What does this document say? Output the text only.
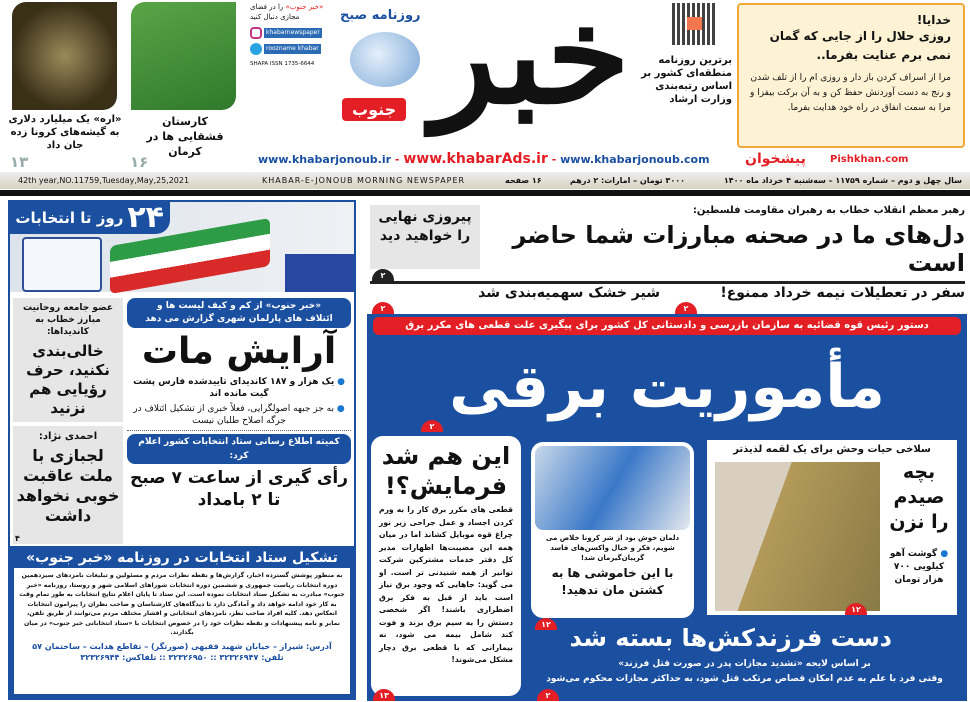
«اره» یک میلیارد دلاری به گیشه‌های کرونا زده جان داد
۱۳
کارستان قشقایی ها در کرمان
۱۶
«خبر جنوب» را در فضای مجازی دنبال کنید
khabarnewspaper
roozname khabar
SHAPA ISSN 1735-6644 خبر
روزنامه صبح
جنوب
برترین روزنامه منطقه‌ای کشور بر اساس رتبه‌بندی وزارت ارشاد
خدایا!
روزی حلال را از جایی که گمان نمی برم عنایت بفرما..
مرا از اسراف کردن باز دار و روزی ام را از تلف شدن و رنج به دست آوردنش حفظ کن و به آن برکت بیفزا و مرا به سمت انفاق در راه خود هدایت بفرما.
www.khabarjonoub.ir - www.khabarAds.ir - www.khabarjonoub.com	پیشخوان Pishkhan.com
42th year,NO.11759,Tuesday,May,25,2021	KHABAR-E-JONOUB MORNING NEWSPAPER	۱۶ صفحه	۳۰۰۰ تومان – امارات: ۲ درهم	سال چهل و دوم – شماره ۱۱۷۵۹ – سه‌شنبه ۴ خرداد ماه ۱۴۰۰
۲۴
روز تا انتخابات
عضو جامعه روحانیت مبارز خطاب به کاندیداها:
خالی‌بندی نکنید، حرف رؤیایی هم نزنید
احمدی نژاد:
لجبازی با ملت عاقبت خوبی نخواهد داشت
۴
«خبر جنوب» از کم و کیف لیست ها و ائتلاف های پارلمان شهری گزارش می دهد
آرایش مات
● یک هزار و ۱۸۷ کاندیدای تاییدشده فارس پشت گیت مانده اند
● به جز جبهه اصولگرایی، فعلاً خبری از تشکیل ائتلاف در جرگه اصلاح طلبان نیست
کمیته اطلاع رسانی ستاد انتخابات کشور اعلام کرد:
رأی گیری از ساعت ۷ صبح تا ۲ بامداد
تشکیل ستاد انتخابات در روزنامه «خبر جنوب»
به منظور پوشش گسترده اخبار، گزارش‌ها و نقطه نظرات مردم و مسئولین و تبلیغات نامزدهای سیزدهمین دوره انتخابات ریاست جمهوری و ششمین دوره انتخابات شوراهای اسلامی شهر و روستا، روزنامه «خبر جنوب» مبادرت به تشکیل ستاد انتخابات نموده است. این ستاد تا پایان اعلام نتایج انتخابات به طور تمام وقت به کار خود ادامه خواهد داد و آمادگی دارد تا دیدگاه‌های کارشناسان و صاحب نظران را پیرامون انتخابات انعکاس دهد. کلیه افراد صاحب نظر، نامزدهای انتخاباتی و اقشار مختلف مردم می‌توانند از طریق تلفن، نمابر و نامه پیشنهادات و نقطه نظرات خود را در خصوص انتخابات با «ستاد انتخاباتی خبر جنوب» در میان بگذارند.
آدرس: شیراز – خیابان شهید فقیهی (صورتگر) – تقاطع هدایت – ساختمان ۵۷
تلفن: ۳۲۳۲۶۹۴۷ :: ۳۲۳۲۶۹۵۰ :: تلفاکس: ۳۲۳۲۶۹۴۴
رهبر معظم انقلاب خطاب به رهبران مقاومت فلسطین:
دل‌های ما در صحنه مبارزات شما حاضر است
پیروزی نهایی را خواهید دید
۲
سفر در تعطیلات نیمه خرداد ممنوع!
۲
شیر خشک سهمیه‌بندی شد
۲
دستور رئیس قوه قضائیه به سازمان بازرسی و دادستانی کل کشور برای پیگیری علت قطعی های مکرر برق
مأموریت برقی
۲
این هم شد فرمایش؟!
قطعی های مکرر برق کار را به ورم کردن اجساد و عمل جراحی زیر نور چراغ قوه موبایل کشاند اما در میان همه این مصیبت‌ها اظهارات مدیر کل دفتر خدمات مشترکین شرکت توانیر از همه شنیدنی تر است. او می گوید: جاهایی که وجود برق نیاز است باید از قبل به فکر برق اضطراری باشند! اگر شخصی دستش را به سیم برق بزند و فوت کند شامل بیمه می شود، نه بیمارانی که با قطعی برق دچار مشکل می‌شوند!
۱۳
دلمان خوش بود از شر کرونا خلاص می شویم، فکر و خیال واکسن‌های فاسد گریبان‌گیرمان شد!
با این خاموشی ها به کشتن مان ندهید!
۱۲
سلاخی حیات وحش برای یک لقمه لذیذتر
بچه صیدم را نزن
● گوشت آهو کیلویی ۷۰۰ هزار تومان
۱۲
دست فرزندکش‌ها بسته شد
بر اساس لایحه «تشدید مجازات پدر در صورت قتل فرزند»
وقتی فرد با علم به عدم امکان قصاص مرتکب قتل شود، به حداکثر مجازات محکوم می‌شود
۲
